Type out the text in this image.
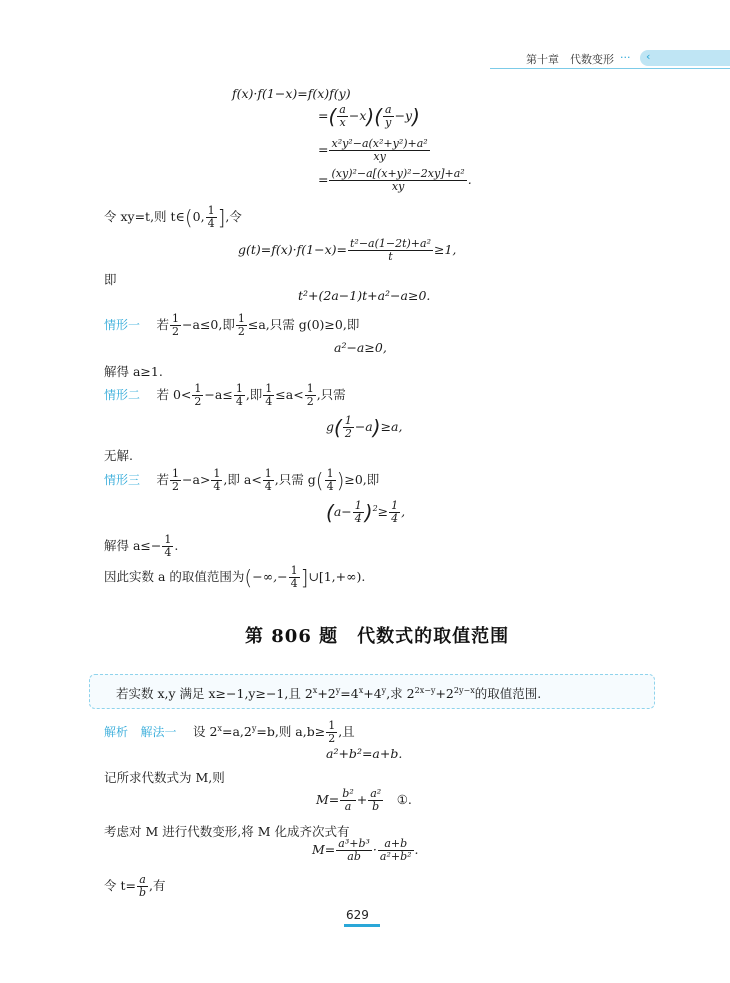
第十章　 代数变形 ··· ‹
f(x)·f(1−x)=f(x)f(y)
=( $\frac{a}{x} -x)( \frac{a}{y} -y)$
= $\frac{\text{x²y²−a(x²+y²)+a²}}{xy}$
= $\frac{\text{(xy)²−a[(x+y)²−2xy]+a²}}{xy}$ .
令 xy=t,则 t∈(0, $\frac{1}{4}$ ],令
$g(t)=f(x)\cdot f(1-x)= \frac{\text{t²−a(1−2t)+a²}}{t} \ge 1$,
即
t²+(2a−1)t+a²−a≥0.
情形一　 若 $\frac{1}{2} -a\le 0$,即 $\frac{1}{2} \le a$,只需 g(0)≥0,即
a²−a≥0,
解得 a≥1.
情形二　 若 $0< \frac{1}{2} -a\le \frac{1}{4}$ ,即 $\frac{1}{4} \le a< \frac{1}{2}$ ,只需
$g( \frac{1}{2} -a)\ge a$,
无解.
情形三　 若 $\frac{1}{2} -a> \frac{1}{4}$ ,即 $a< \frac{1}{4}$ ,只需 $g( \frac{1}{4} )\ge 0$,即
$(a- \frac{1}{4} )^2\ge \frac{1}{4}$ ,
解得 $a\le- \frac{1}{4}$ .
因此实数 a 的取值范围为(−∞,− $\frac{1}{4}$ ]∪[1,+∞).
第 806 题　代数式的取值范围
若实数 x,y 满足 x≥−1,y≥−1,且 $2^x+2^y=4^x+4^y$,求 $2^{2x-y}+2^{2y-x}$的取值范围.
解析　 解法一　 设 $2^x=a,2^y=b$,则 $a,b\ge \frac{1}{2}$ ,且
a²+b²=a+b.
记所求代数式为 M,则
$M= \frac{\text{b²}}{a} + \frac{\text{a²}}{b}$
　 ①.
考虑对 M 进行代数变形,将 M 化成齐次式有
$M= \frac{\text{a³+b³}}{ab} \cdot \frac{a+b}{\text{a²+b²}}$ .
令 $t= \frac{a}{b}$ ,有
629
